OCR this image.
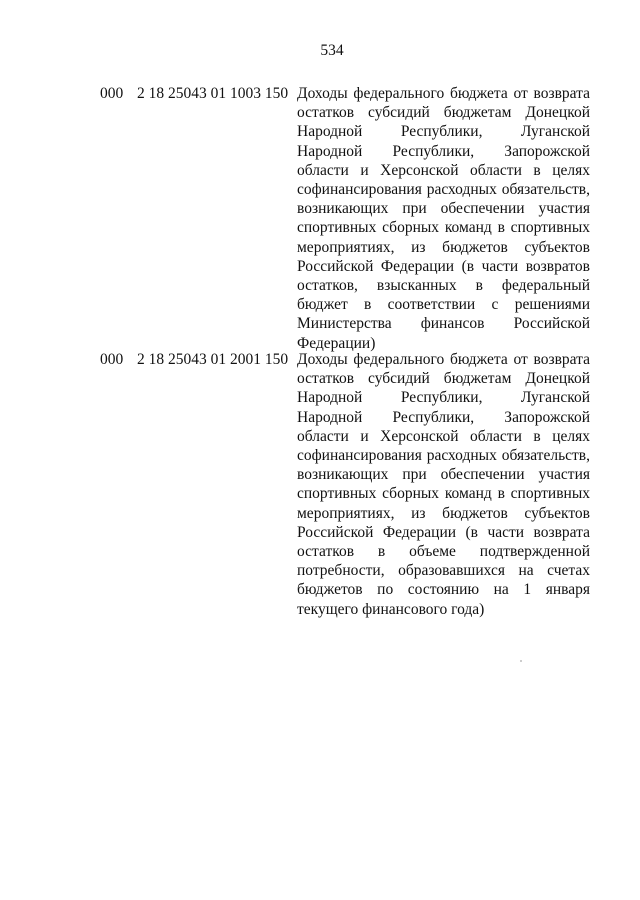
534
000 2 18 25043 01 1003 150 Доходы федерального бюджета от возврата остатков субсидий бюджетам Донецкой Народной Республики, Луганской Народной Республики, Запорожской области и Херсонской области в целях софинансирования расходных обязательств, возникающих при обеспечении участия спортивных сборных команд в спортивных мероприятиях, из бюджетов субъектов Российской Федерации (в части возвратов остатков, взысканных в федеральный бюджет в соответствии с решениями Министерства финансов Российской Федерации)

000 2 18 25043 01 2001 150 Доходы федерального бюджета от возврата остатков субсидий бюджетам Донецкой Народной Республики, Луганской Народной Республики, Запорожской области и Херсонской области в целях софинансирования расходных обязательств, возникающих при обеспечении участия спортивных сборных команд в спортивных мероприятиях, из бюджетов субъектов Российской Федерации (в части возврата остатков в объеме подтвержденной потребности, образовавшихся на счетах бюджетов по состоянию на 1 января текущего финансового года)
